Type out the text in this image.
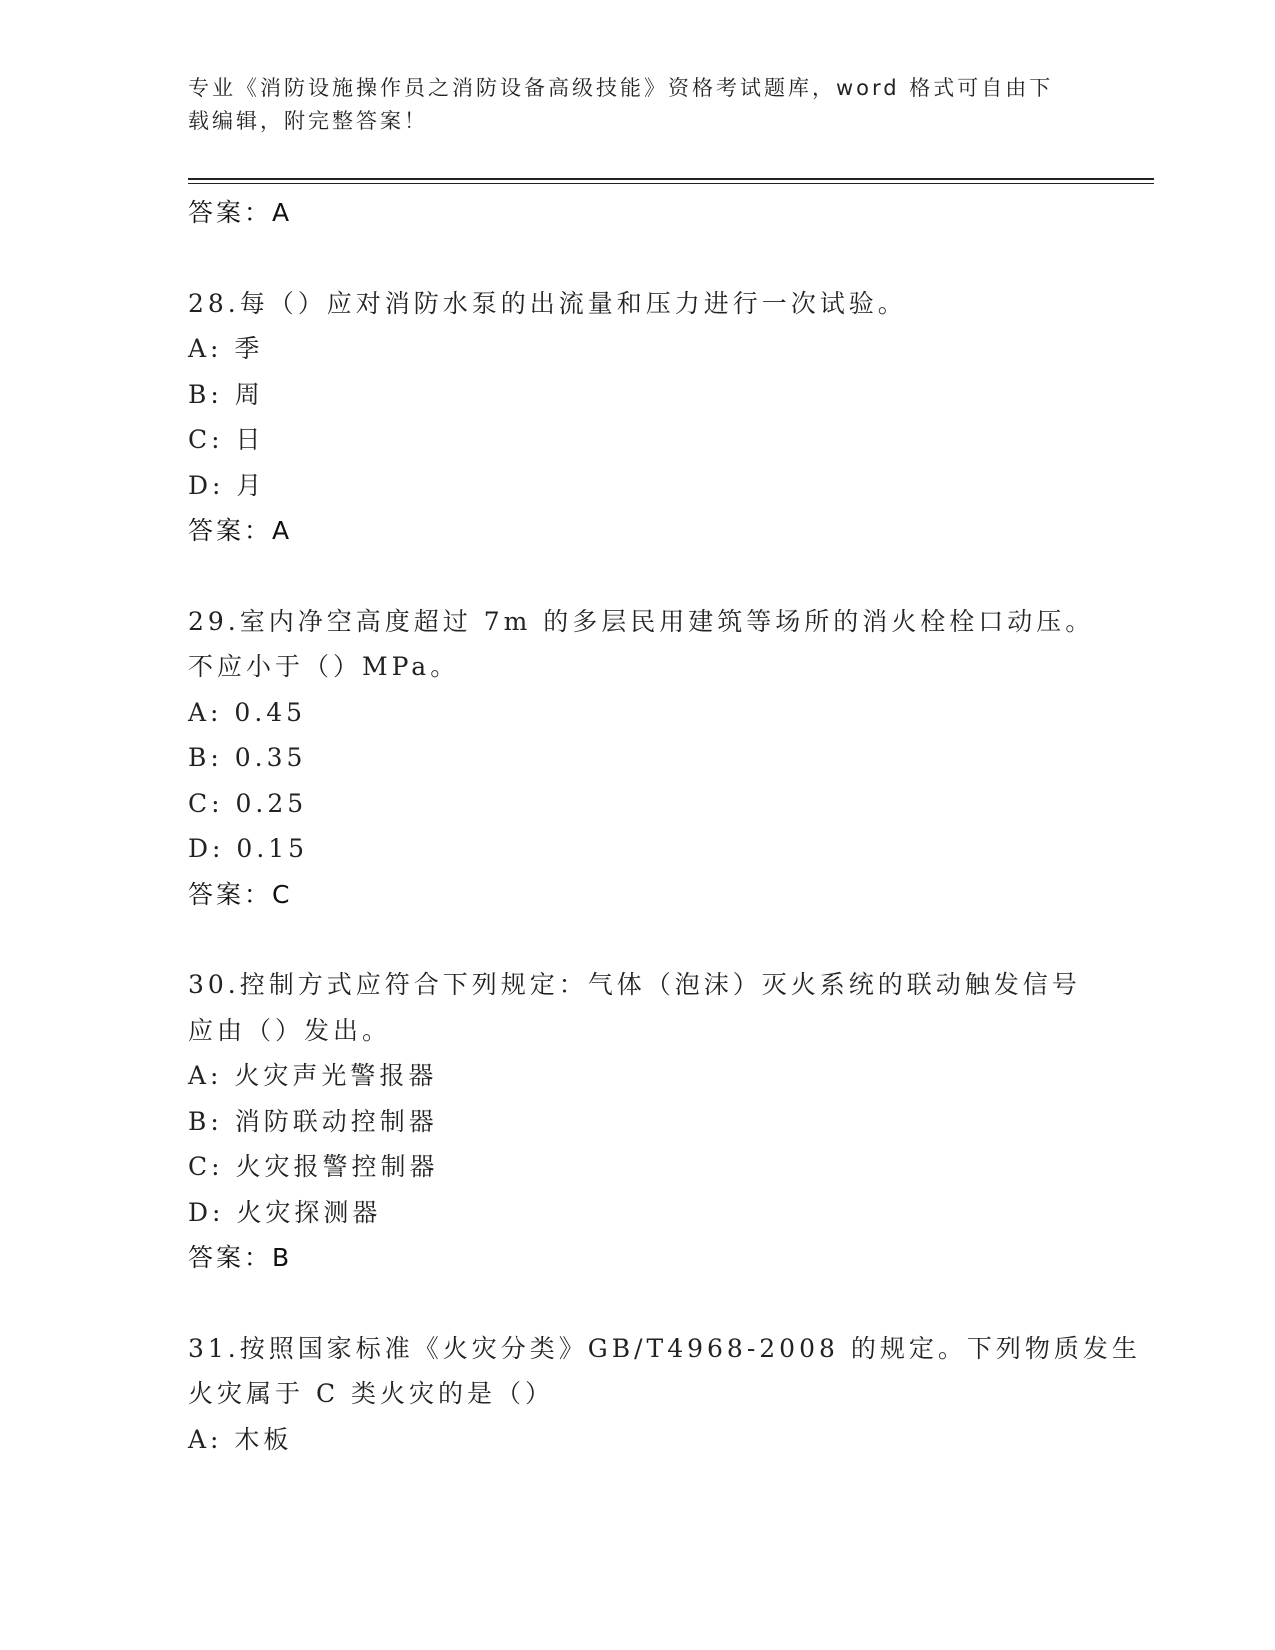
专业《消防设施操作员之消防设备高级技能》资格考试题库，word 格式可自由下载编辑，附完整答案！
答案：A
28.每（）应对消防水泵的出流量和压力进行一次试验。
A: 季
B: 周
C: 日
D: 月
答案：A
29.室内净空高度超过 7m 的多层民用建筑等场所的消火栓栓口动压。
不应小于（）MPa。
A: 0.45
B: 0.35
C: 0.25
D: 0.15
答案：C
30.控制方式应符合下列规定：气体（泡沫）灭火系统的联动触发信号
应由（）发出。
A: 火灾声光警报器
B: 消防联动控制器
C: 火灾报警控制器
D: 火灾探测器
答案：B
31.按照国家标准《火灾分类》GB/T4968-2008 的规定。下列物质发生
火灾属于 C 类火灾的是（）
A: 木板
